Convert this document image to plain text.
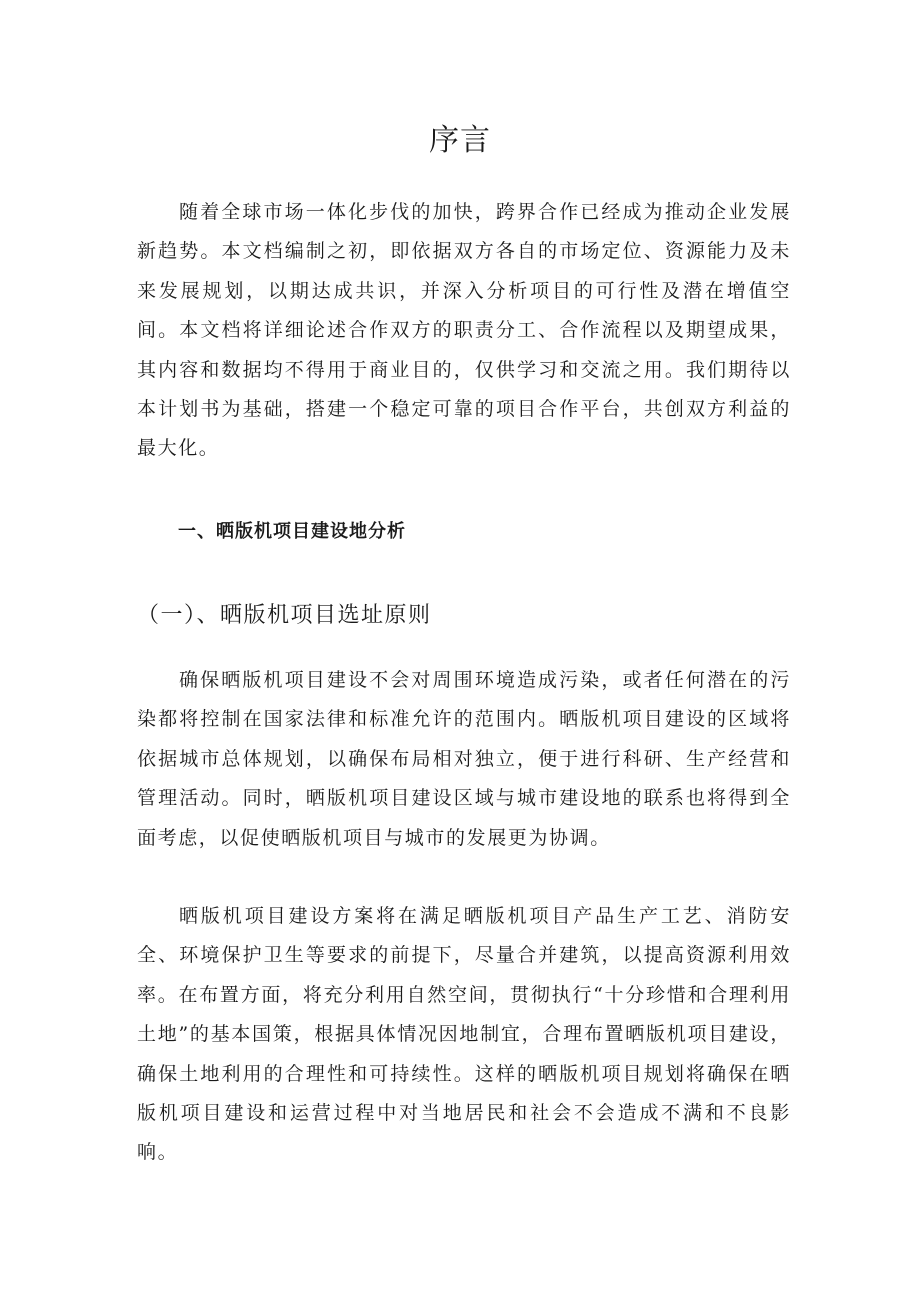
序言

随着全球市场一体化步伐的加快，跨界合作已经成为推动企业发展新趋势。本文档编制之初，即依据双方各自的市场定位、资源能力及未来发展规划，以期达成共识，并深入分析项目的可行性及潜在增值空间。本文档将详细论述合作双方的职责分工、合作流程以及期望成果，其内容和数据均不得用于商业目的，仅供学习和交流之用。我们期待以本计划书为基础，搭建一个稳定可靠的项目合作平台，共创双方利益的最大化。

一、晒版机项目建设地分析
（一）、晒版机项目选址原则

确保晒版机项目建设不会对周围环境造成污染，或者任何潜在的污染都将控制在国家法律和标准允许的范围内。晒版机项目建设的区域将依据城市总体规划，以确保布局相对独立，便于进行科研、生产经营和管理活动。同时，晒版机项目建设区域与城市建设地的联系也将得到全面考虑，以促使晒版机项目与城市的发展更为协调。

晒版机项目建设方案将在满足晒版机项目产品生产工艺、消防安全、环境保护卫生等要求的前提下，尽量合并建筑，以提高资源利用效率。在布置方面，将充分利用自然空间，贯彻执行“十分珍惜和合理利用土地”的基本国策，根据具体情况因地制宜，合理布置晒版机项目建设，确保土地利用的合理性和可持续性。这样的晒版机项目规划将确保在晒版机项目建设和运营过程中对当地居民和社会不会造成不满和不良影响。
